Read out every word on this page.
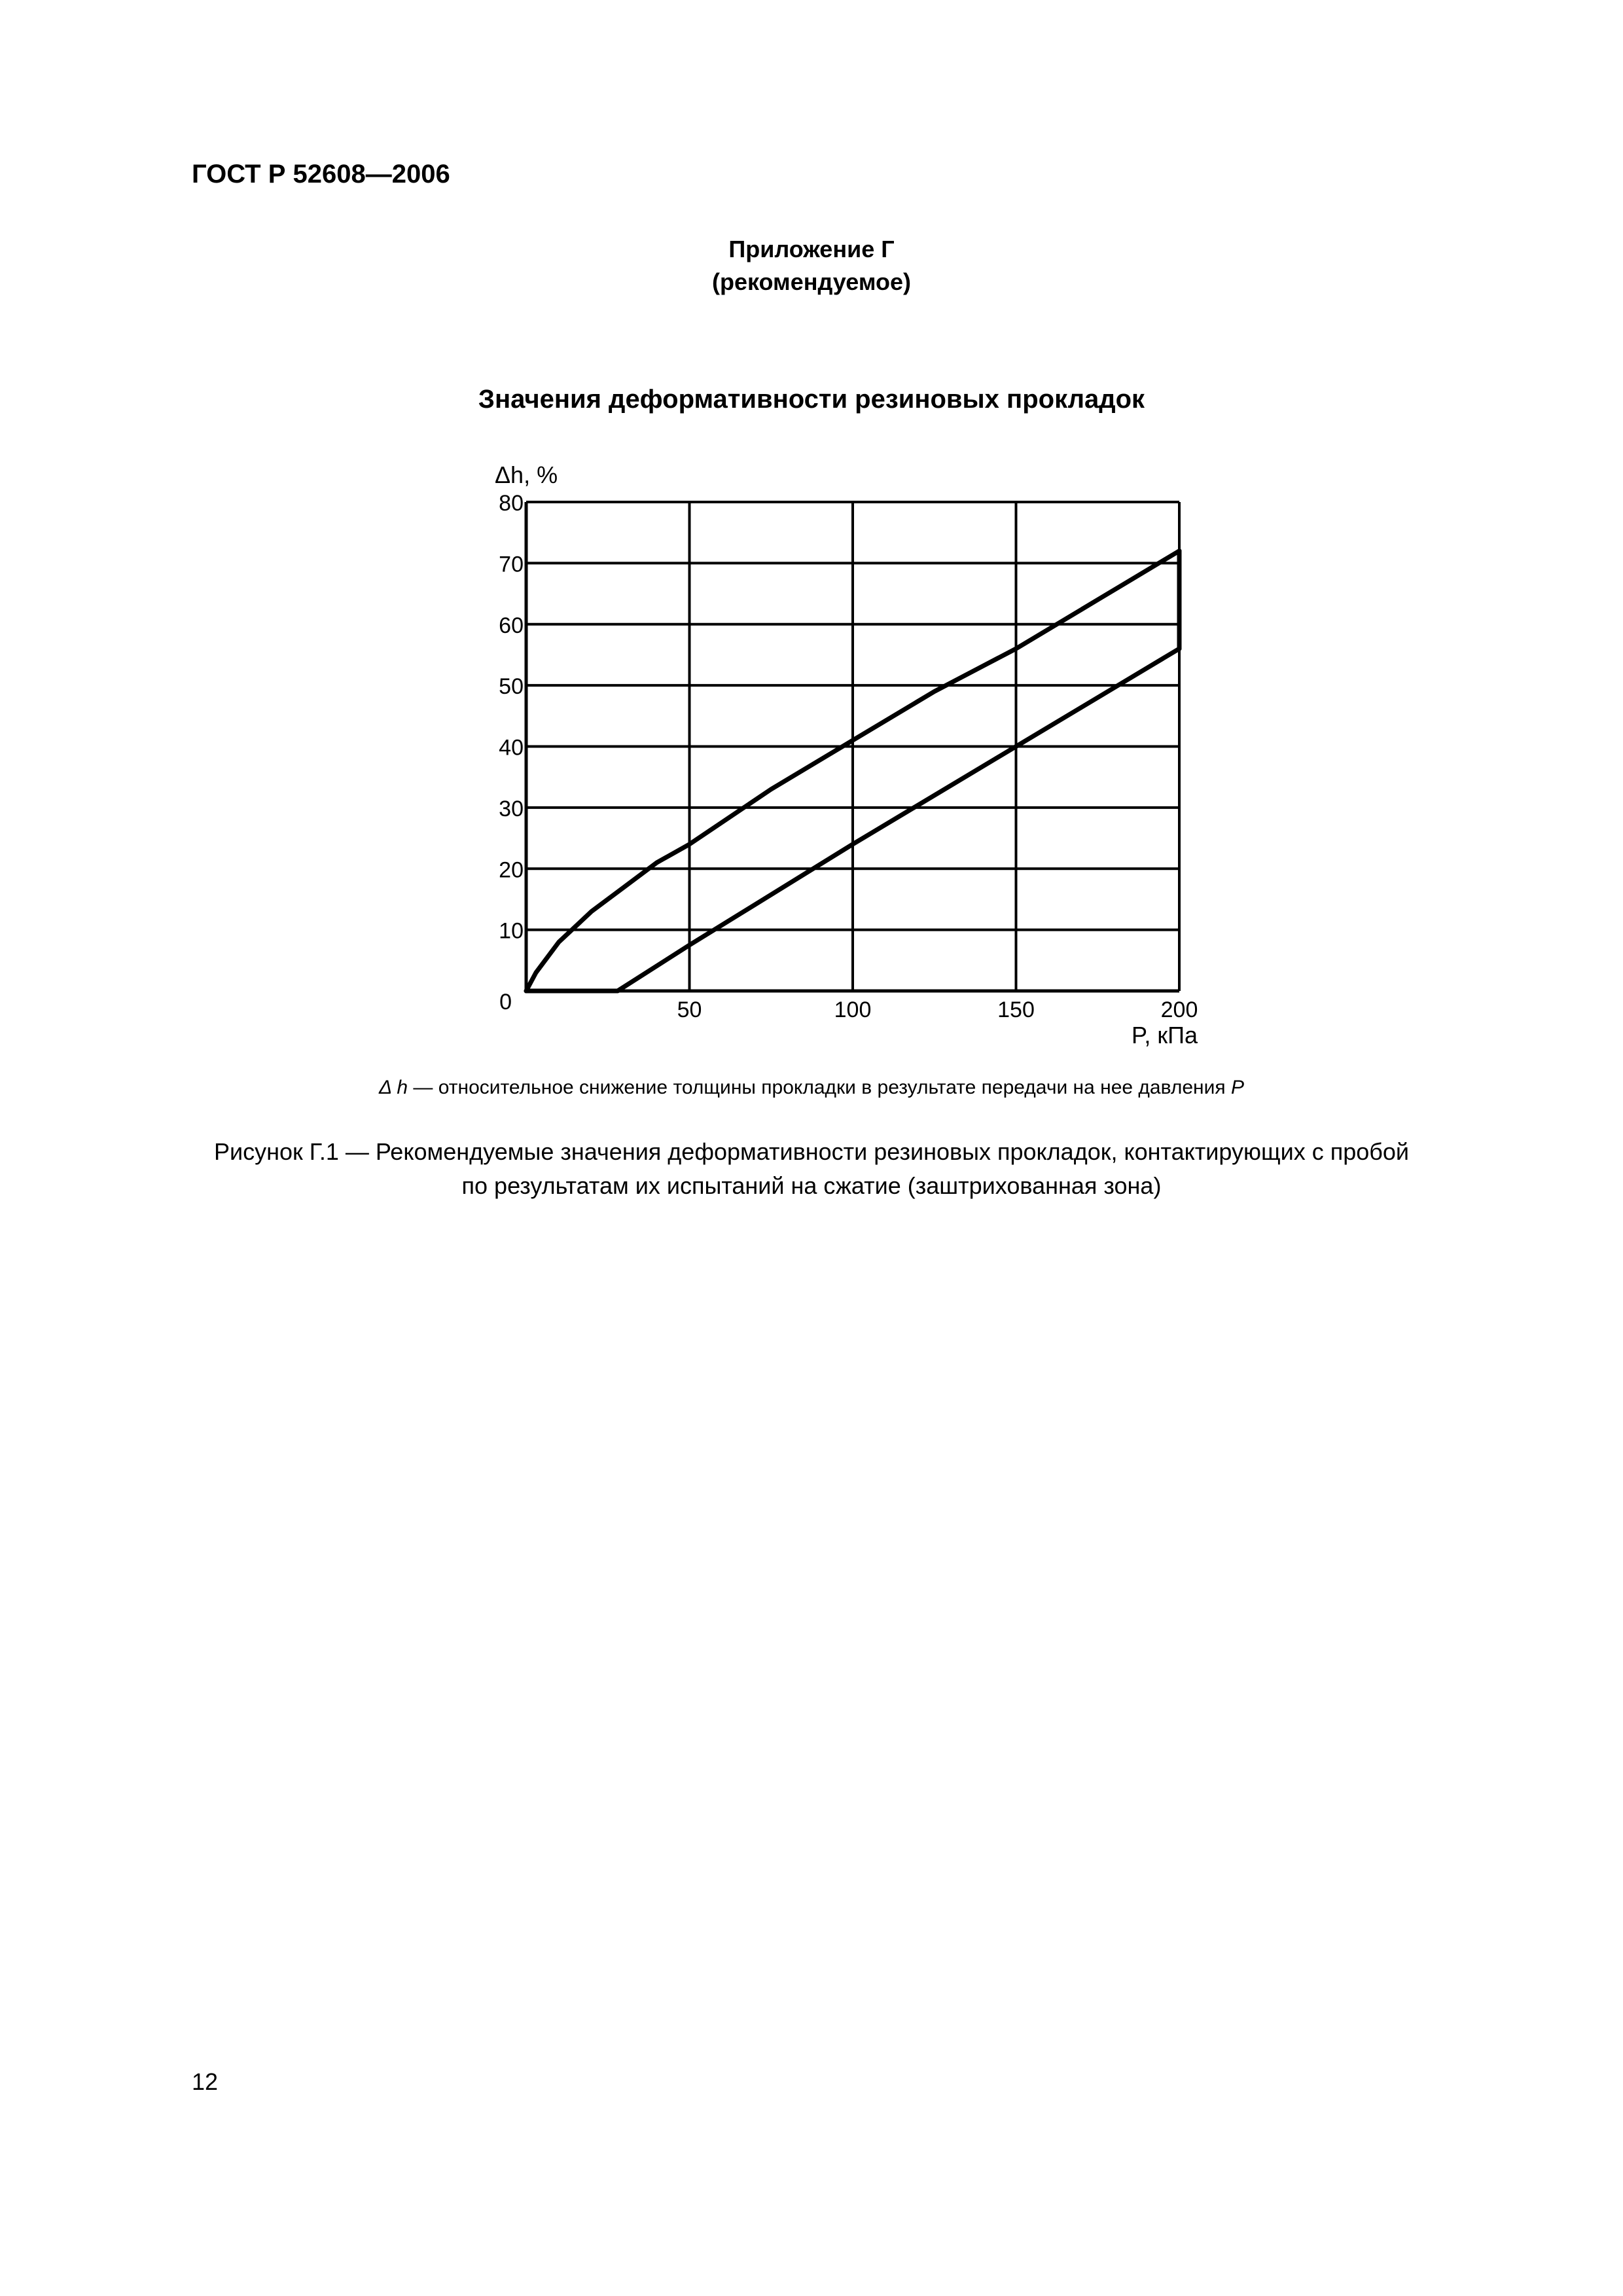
ГОСТ Р 52608—2006
Приложение Г
(рекомендуемое)
Значения деформативности резиновых прокладок
0
10
20
30
40
50
60
70
80
50	100	150	200
Δh, %
P, кПа
Δ h — относительное снижение толщины прокладки в результате передачи на нее давления P
Рисунок Г.1 — Рекомендуемые значения деформативности резиновых прокладок, контактирующих с пробой
по результатам их испытаний на сжатие (заштрихованная зона)
12
